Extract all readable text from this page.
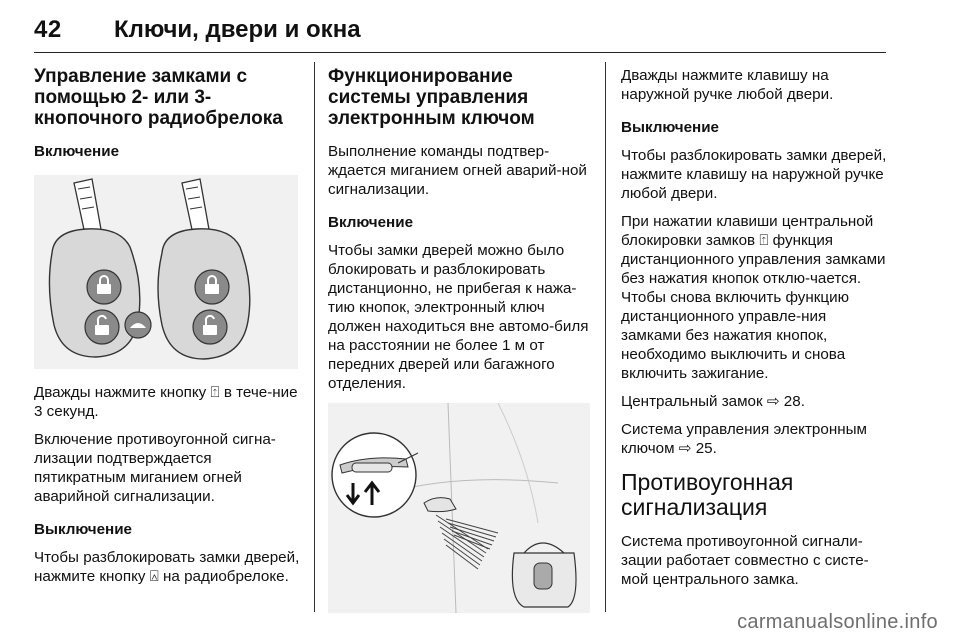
42 Ключи, двери и окна
Управление замками с помощью 2- или 3-кнопочного радиобрелока

Включение

Дважды нажмите кнопку ⍐ в тече-ние 3 секунд.

Включение противоугонной сигна-лизации подтверждается пятикратным миганием огней аварийной сигнализации.

Выключение

Чтобы разблокировать замки дверей, нажмите кнопку ⍓ на радиобрелоке.

Функционирование системы управления электронным ключом

Выполнение команды подтвер-ждается миганием огней аварий-ной сигнализации.

Включение

Чтобы замки дверей можно было блокировать и разблокировать дистанционно, не прибегая к нажа-тию кнопок, электронный ключ должен находиться вне автомо-биля на расстоянии не более 1 м от передних дверей или багажного отделения.

Дважды нажмите клавишу на наружной ручке любой двери.

Выключение

Чтобы разблокировать замки дверей, нажмите клавишу на наружной ручке любой двери.

При нажатии клавиши центральной блокировки замков ⍐ функция дистанционного управления замками без нажатия кнопок отклю-чается. Чтобы снова включить функцию дистанционного управле-ния замками без нажатия кнопок, необходимо выключить и снова включить зажигание.

Центральный замок ⇨ 28.

Система управления электронным ключом ⇨ 25.

Противоугонная сигнализация

Система противоугонной сигнали-зации работает совместно с систе-мой центрального замка.

carmanualsonline.info
